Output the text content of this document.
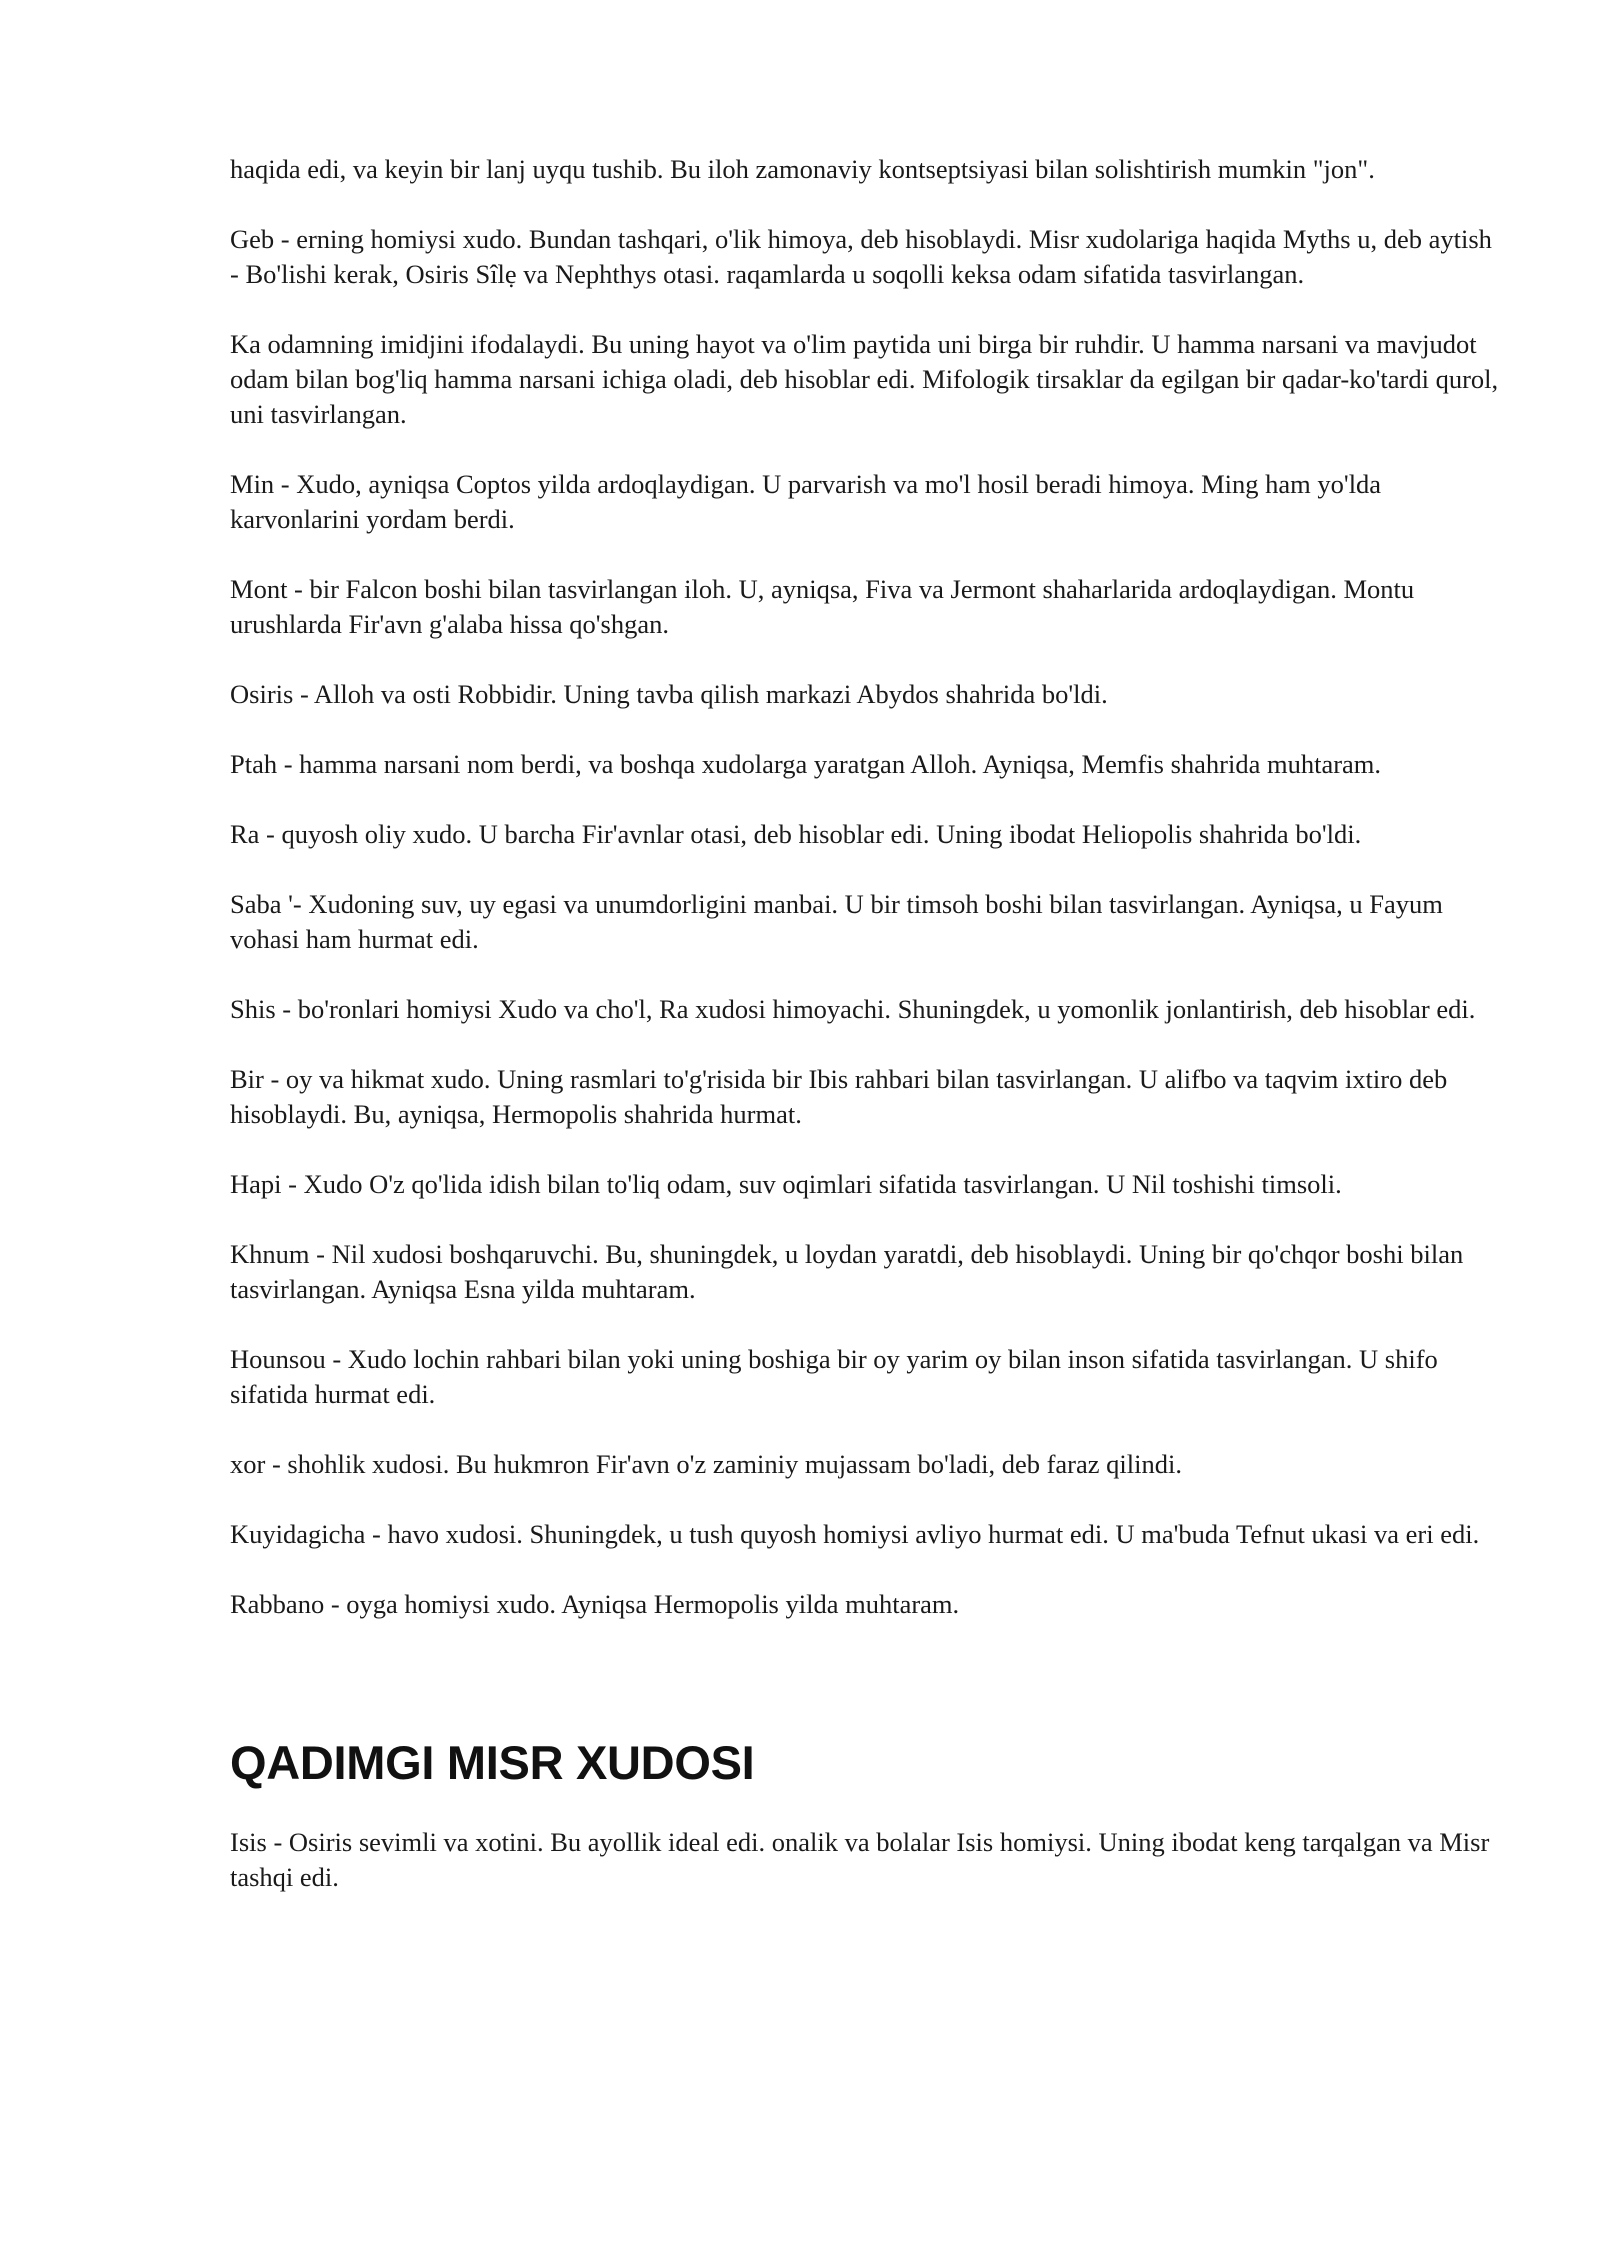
haqida edi, va keyin bir lanj uyqu tushib. Bu iloh zamonaviy kontseptsiyasi bilan solishtirish mumkin "jon".

Geb - erning homiysi xudo. Bundan tashqari, o'lik himoya, deb hisoblaydi. Misr xudolariga haqida Myths u, deb aytish - Bo'lishi kerak, Osiris Sîlẹ va Nephthys otasi. raqamlarda u soqolli keksa odam sifatida tasvirlangan.

Ka odamning imidjini ifodalaydi. Bu uning hayot va o'lim paytida uni birga bir ruhdir. U hamma narsani va mavjudot odam bilan bog'liq hamma narsani ichiga oladi, deb hisoblar edi. Mifologik tirsaklar da egilgan bir qadar-ko'tardi qurol, uni tasvirlangan.

Min - Xudo, ayniqsa Coptos yilda ardoqlaydigan. U parvarish va mo'l hosil beradi himoya. Ming ham yo'lda karvonlarini yordam berdi.

Mont - bir Falcon boshi bilan tasvirlangan iloh. U, ayniqsa, Fiva va Jermont shaharlarida ardoqlaydigan. Montu urushlarda Fir'avn g'alaba hissa qo'shgan.

Osiris - Alloh va osti Robbidir. Uning tavba qilish markazi Abydos shahrida bo'ldi.

Ptah - hamma narsani nom berdi, va boshqa xudolarga yaratgan Alloh. Ayniqsa, Memfis shahrida muhtaram.

Ra - quyosh oliy xudo. U barcha Fir'avnlar otasi, deb hisoblar edi. Uning ibodat Heliopolis shahrida bo'ldi.

Saba '- Xudoning suv, uy egasi va unumdorligini manbai. U bir timsoh boshi bilan tasvirlangan. Ayniqsa, u Fayum vohasi ham hurmat edi.

Shis - bo'ronlari homiysi Xudo va cho'l, Ra xudosi himoyachi. Shuningdek, u yomonlik jonlantirish, deb hisoblar edi.

Bir - oy va hikmat xudo. Uning rasmlari to'g'risida bir Ibis rahbari bilan tasvirlangan. U alifbo va taqvim ixtiro deb hisoblaydi. Bu, ayniqsa, Hermopolis shahrida hurmat.

Hapi - Xudo O'z qo'lida idish bilan to'liq odam, suv oqimlari sifatida tasvirlangan. U Nil toshishi timsoli.

Khnum - Nil xudosi boshqaruvchi. Bu, shuningdek, u loydan yaratdi, deb hisoblaydi. Uning bir qo'chqor boshi bilan tasvirlangan. Ayniqsa Esna yilda muhtaram.

Hounsou - Xudo lochin rahbari bilan yoki uning boshiga bir oy yarim oy bilan inson sifatida tasvirlangan. U shifo sifatida hurmat edi.

xor - shohlik xudosi. Bu hukmron Fir'avn o'z zaminiy mujassam bo'ladi, deb faraz qilindi.

Kuyidagicha - havo xudosi. Shuningdek, u tush quyosh homiysi avliyo hurmat edi. U ma'buda Tefnut ukasi va eri edi.

Rabbano - oyga homiysi xudo. Ayniqsa Hermopolis yilda muhtaram.

QADIMGI MISR XUDOSI

Isis - Osiris sevimli va xotini. Bu ayollik ideal edi. onalik va bolalar Isis homiysi. Uning ibodat keng tarqalgan va Misr tashqi edi.
